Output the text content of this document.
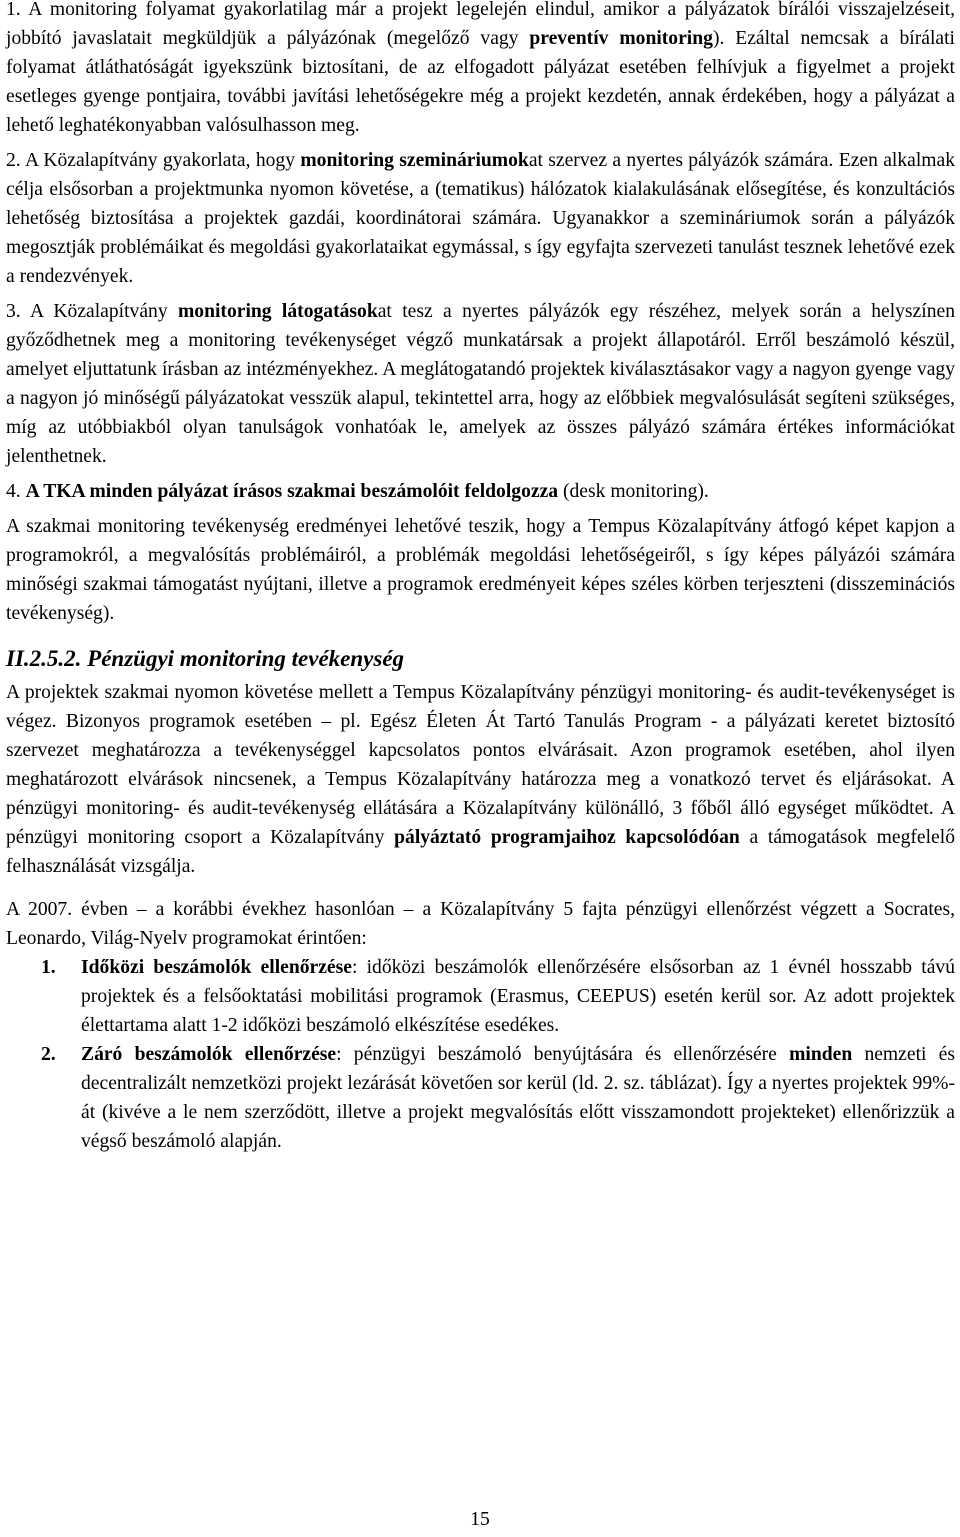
1. A monitoring folyamat gyakorlatilag már a projekt legelején elindul, amikor a pályázatok bírálói visszajelzéseit, jobbító javaslatait megküldjük a pályázónak (megelőző vagy preventív monitoring). Ezáltal nemcsak a bírálati folyamat átláthatóságát igyekszünk biztosítani, de az elfogadott pályázat esetében felhívjuk a figyelmet a projekt esetleges gyenge pontjaira, további javítási lehetőségekre még a projekt kezdetén, annak érdekében, hogy a pályázat a lehető leghatékonyabban valósulhasson meg.

2. A Közalapítvány gyakorlata, hogy monitoring szemináriumokat szervez a nyertes pályázók számára. Ezen alkalmak célja elsősorban a projektmunka nyomon követése, a (tematikus) hálózatok kialakulásának elősegítése, és konzultációs lehetőség biztosítása a projektek gazdái, koordinátorai számára. Ugyanakkor a szemináriumok során a pályázók megosztják problémáikat és megoldási gyakorlataikat egymással, s így egyfajta szervezeti tanulást tesznek lehetővé ezek a rendezvények.

3. A Közalapítvány monitoring látogatásokat tesz a nyertes pályázók egy részéhez, melyek során a helyszínen győződhetnek meg a monitoring tevékenységet végző munkatársak a projekt állapotáról. Erről beszámoló készül, amelyet eljuttatunk írásban az intézményekhez. A meglátogatandó projektek kiválasztásakor vagy a nagyon gyenge vagy a nagyon jó minőségű pályázatokat vesszük alapul, tekintettel arra, hogy az előbbiek megvalósulását segíteni szükséges, míg az utóbbiakból olyan tanulságok vonhatóak le, amelyek az összes pályázó számára értékes információkat jelenthetnek.

4. A TKA minden pályázat írásos szakmai beszámolóit feldolgozza (desk monitoring).

A szakmai monitoring tevékenység eredményei lehetővé teszik, hogy a Tempus Közalapítvány átfogó képet kapjon a programokról, a megvalósítás problémáiról, a problémák megoldási lehetőségeiről, s így képes pályázói számára minőségi szakmai támogatást nyújtani, illetve a programok eredményeit képes széles körben terjeszteni (disszeminációs tevékenység).

II.2.5.2. Pénzügyi monitoring tevékenység

A projektek szakmai nyomon követése mellett a Tempus Közalapítvány pénzügyi monitoring- és audit-tevékenységet is végez. Bizonyos programok esetében – pl. Egész Életen Át Tartó Tanulás Program - a pályázati keretet biztosító szervezet meghatározza a tevékenységgel kapcsolatos pontos elvárásait. Azon programok esetében, ahol ilyen meghatározott elvárások nincsenek, a Tempus Közalapítvány határozza meg a vonatkozó tervet és eljárásokat. A pénzügyi monitoring- és audit-tevékenység ellátására a Közalapítvány különálló, 3 főből álló egységet működtet. A pénzügyi monitoring csoport a Közalapítvány pályáztató programjaihoz kapcsolódóan a támogatások megfelelő felhasználását vizsgálja.

A 2007. évben – a korábbi évekhez hasonlóan – a Közalapítvány 5 fajta pénzügyi ellenőrzést végzett a Socrates, Leonardo, Világ-Nyelv programokat érintően:

1. Időközi beszámolók ellenőrzése: időközi beszámolók ellenőrzésére elsősorban az 1 évnél hosszabb távú projektek és a felsőoktatási mobilitási programok (Erasmus, CEEPUS) esetén kerül sor. Az adott projektek élettartama alatt 1-2 időközi beszámoló elkészítése esedékes.
2. Záró beszámolók ellenőrzése: pénzügyi beszámoló benyújtására és ellenőrzésére minden nemzeti és decentralizált nemzetközi projekt lezárását követően sor kerül (ld. 2. sz. táblázat). Így a nyertes projektek 99%-át (kivéve a le nem szerződött, illetve a projekt megvalósítás előtt visszamondott projekteket) ellenőrizzük a végső beszámoló alapján.
15
